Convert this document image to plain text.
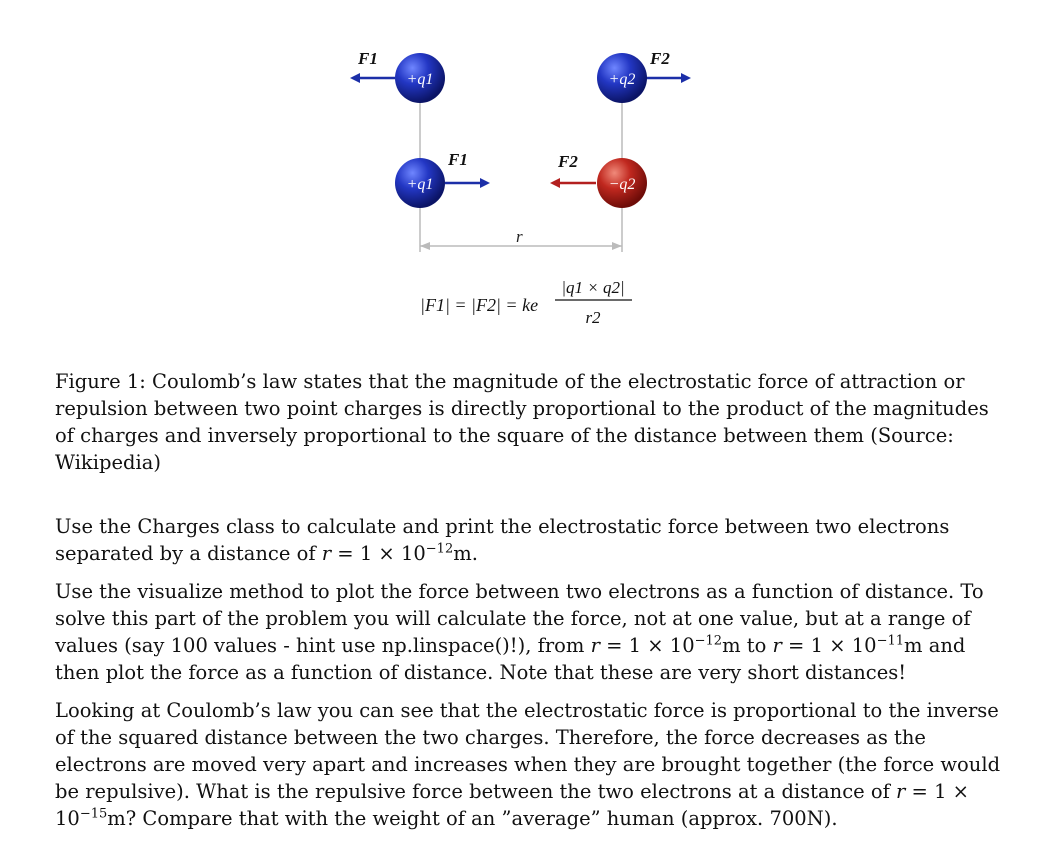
r
+q1	+q2
+q1	−q2
F1	F2
F1	F2
|F1| = |F2| = ke
|q1 × q2|
r2

Figure 1: Coulomb’s law states that the magnitude of the electrostatic force of attraction or repulsion between two point charges is directly proportional to the product of the magnitudes of charges and inversely proportional to the square of the distance between them (Source: Wikipedia)

Use the Charges class to calculate and print the electrostatic force between two electrons separated by a distance of $r = 1 \times 10^{-12}m$.

Use the visualize method to plot the force between two electrons as a function of distance. To solve this part of the problem you will calculate the force, not at one value, but at a range of values (say 100 values - hint use np.linspace()!), from $r = 1 \times 10^{-12}m$ to $r = 1 \times 10^{-11}m$ and then plot the force as a function of distance. Note that these are very short distances!

Looking at Coulomb’s law you can see that the electrostatic force is proportional to the inverse of the squared distance between the two charges. Therefore, the force decreases as the electrons are moved very apart and increases when they are brought together (the force would be repulsive). What is the repulsive force between the two electrons at a distance of $r = 1 \times 10^{-15}m$? Compare that with the weight of an ”average” human (approx. 700N).
